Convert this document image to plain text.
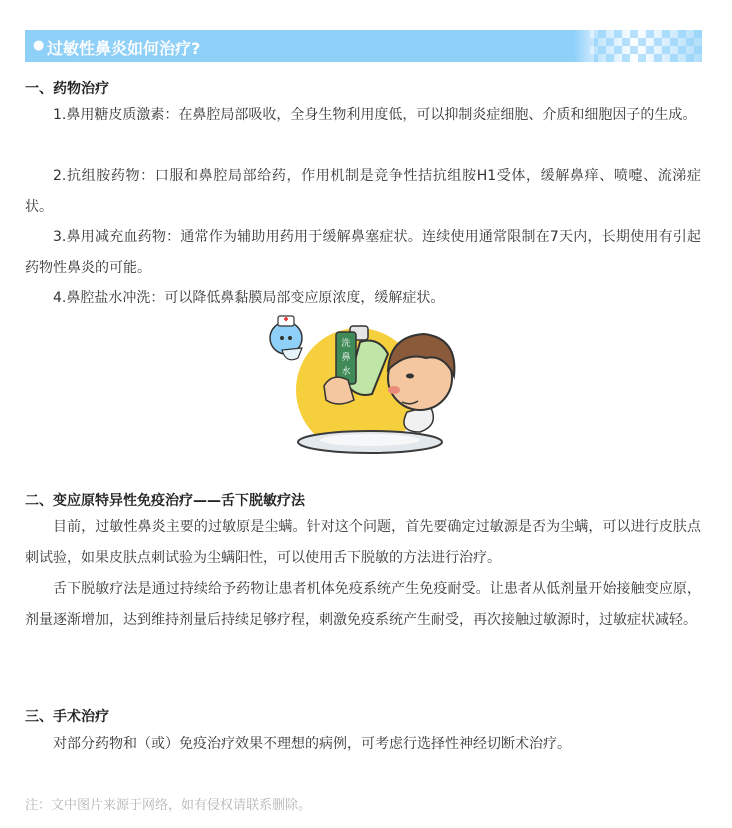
● 过敏性鼻炎如何治疗?
一、药物治疗
1.鼻用糖皮质激素：在鼻腔局部吸收，全身生物利用度低，可以抑制炎症细胞、介质和细胞因子的生成。
2.抗组胺药物：口服和鼻腔局部给药，作用机制是竞争性拮抗组胺H1受体，缓解鼻痒、喷嚏、流涕症状。
3.鼻用减充血药物：通常作为辅助用药用于缓解鼻塞症状。连续使用通常限制在7天内，长期使用有引起药物性鼻炎的可能。
4.鼻腔盐水冲洗：可以降低鼻黏膜局部变应原浓度，缓解症状。
洗
鼻
水
二、变应原特异性免疫治疗——舌下脱敏疗法
目前，过敏性鼻炎主要的过敏原是尘螨。针对这个问题，首先要确定过敏源是否为尘螨，可以进行皮肤点刺试验，如果皮肤点刺试验为尘螨阳性，可以使用舌下脱敏的方法进行治疗。
舌下脱敏疗法是通过持续给予药物让患者机体免疫系统产生免疫耐受。让患者从低剂量开始接触变应原，剂量逐渐增加，达到维持剂量后持续足够疗程，刺激免疫系统产生耐受，再次接触过敏源时，过敏症状减轻。
三、手术治疗
对部分药物和（或）免疫治疗效果不理想的病例，可考虑行选择性神经切断术治疗。
注：文中图片来源于网络，如有侵权请联系删除。
